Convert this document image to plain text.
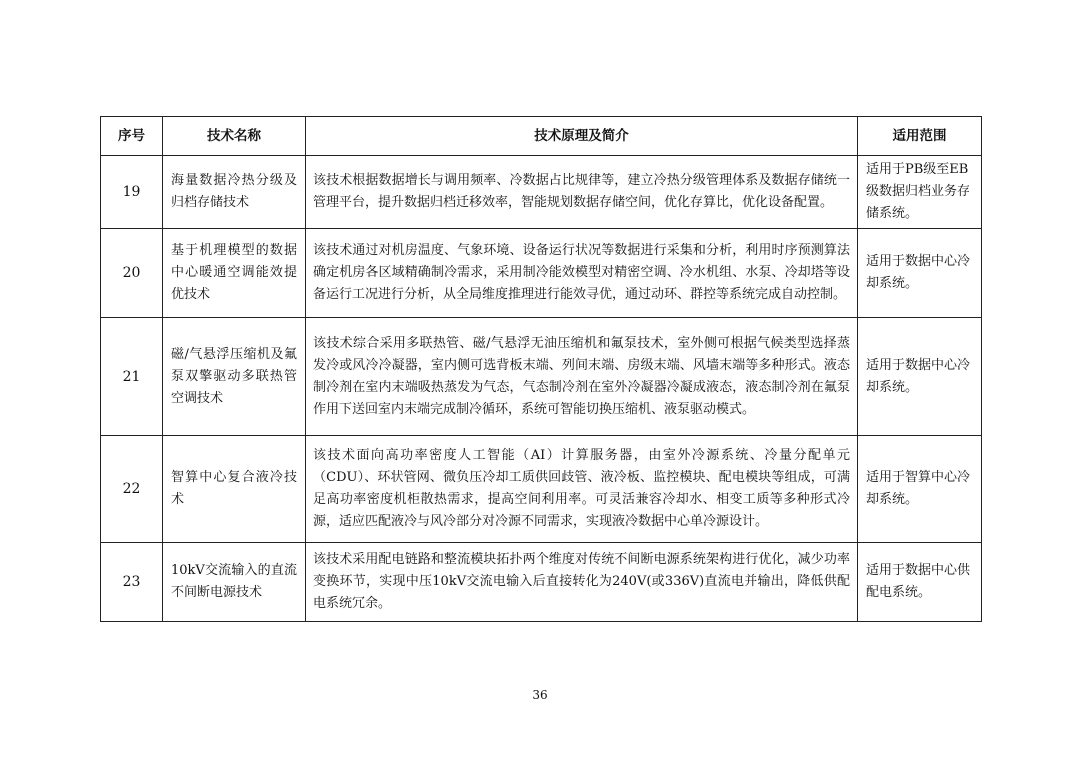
序号	技术名称	技术原理及简介	适用范围
19	海量数据冷热分级及归档存储技术	该技术根据数据增长与调用频率、冷数据占比规律等，建立冷热分级管理体系及数据存储统一管理平台，提升数据归档迁移效率，智能规划数据存储空间，优化存算比，优化设备配置。	适用于PB级至EB级数据归档业务存储系统。
20	基于机理模型的数据中心暖通空调能效提优技术	该技术通过对机房温度、气象环境、设备运行状况等数据进行采集和分析，利用时序预测算法确定机房各区域精确制冷需求，采用制冷能效模型对精密空调、冷水机组、水泵、冷却塔等设备运行工况进行分析，从全局维度推理进行能效寻优，通过动环、群控等系统完成自动控制。	适用于数据中心冷却系统。
21	磁/气悬浮压缩机及氟泵双擎驱动多联热管空调技术	该技术综合采用多联热管、磁/气悬浮无油压缩机和氟泵技术，室外侧可根据气候类型选择蒸发冷或风冷冷凝器，室内侧可选背板末端、列间末端、房级末端、风墙末端等多种形式。液态制冷剂在室内末端吸热蒸发为气态，气态制冷剂在室外冷凝器冷凝成液态，液态制冷剂在氟泵作用下送回室内末端完成制冷循环，系统可智能切换压缩机、液泵驱动模式。	适用于数据中心冷却系统。
22	智算中心复合液冷技术	该技术面向高功率密度人工智能（AI）计算服务器，由室外冷源系统、冷量分配单元（CDU）、环状管网、微负压冷却工质供回歧管、液冷板、监控模块、配电模块等组成，可满足高功率密度机柜散热需求，提高空间利用率。可灵活兼容冷却水、相变工质等多种形式冷源，适应匹配液冷与风冷部分对冷源不同需求，实现液冷数据中心单冷源设计。	适用于智算中心冷却系统。
23	10kV交流输入的直流不间断电源技术	该技术采用配电链路和整流模块拓扑两个维度对传统不间断电源系统架构进行优化，减少功率变换环节，实现中压10kV交流电输入后直接转化为240V(或336V)直流电并输出，降低供配电系统冗余。	适用于数据中心供配电系统。
36
